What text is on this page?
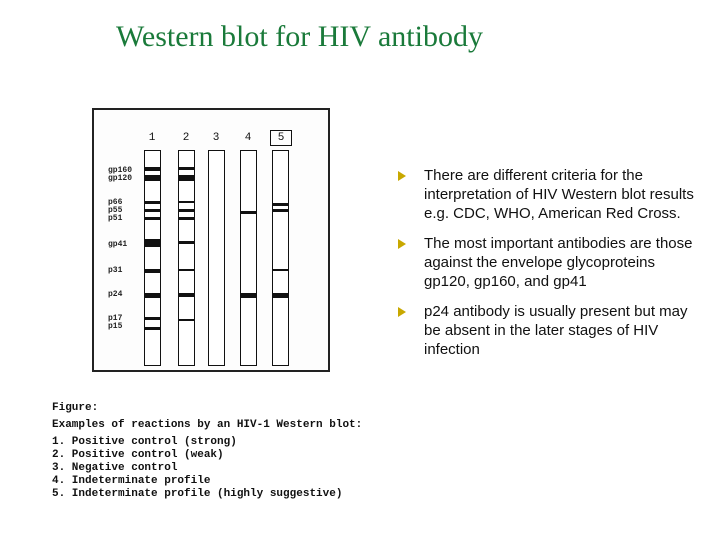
Western blot for HIV antibody
1	2	3	4	5
gp160
gp120
p66
p55
p51
gp41
p31
p24
p17
p15
Figure:
Examples of reactions by an HIV-1 Western blot:
1. Positive control (strong)
2. Positive control (weak)
3. Negative control
4. Indeterminate profile
5. Indeterminate profile (highly suggestive)
There are different criteria for the interpretation of HIV Western blot results e.g. CDC, WHO, American Red Cross.
The most important antibodies are those against the envelope glycoproteins gp120, gp160, and gp41
p24 antibody is usually present but may be absent in the later stages of HIV infection
